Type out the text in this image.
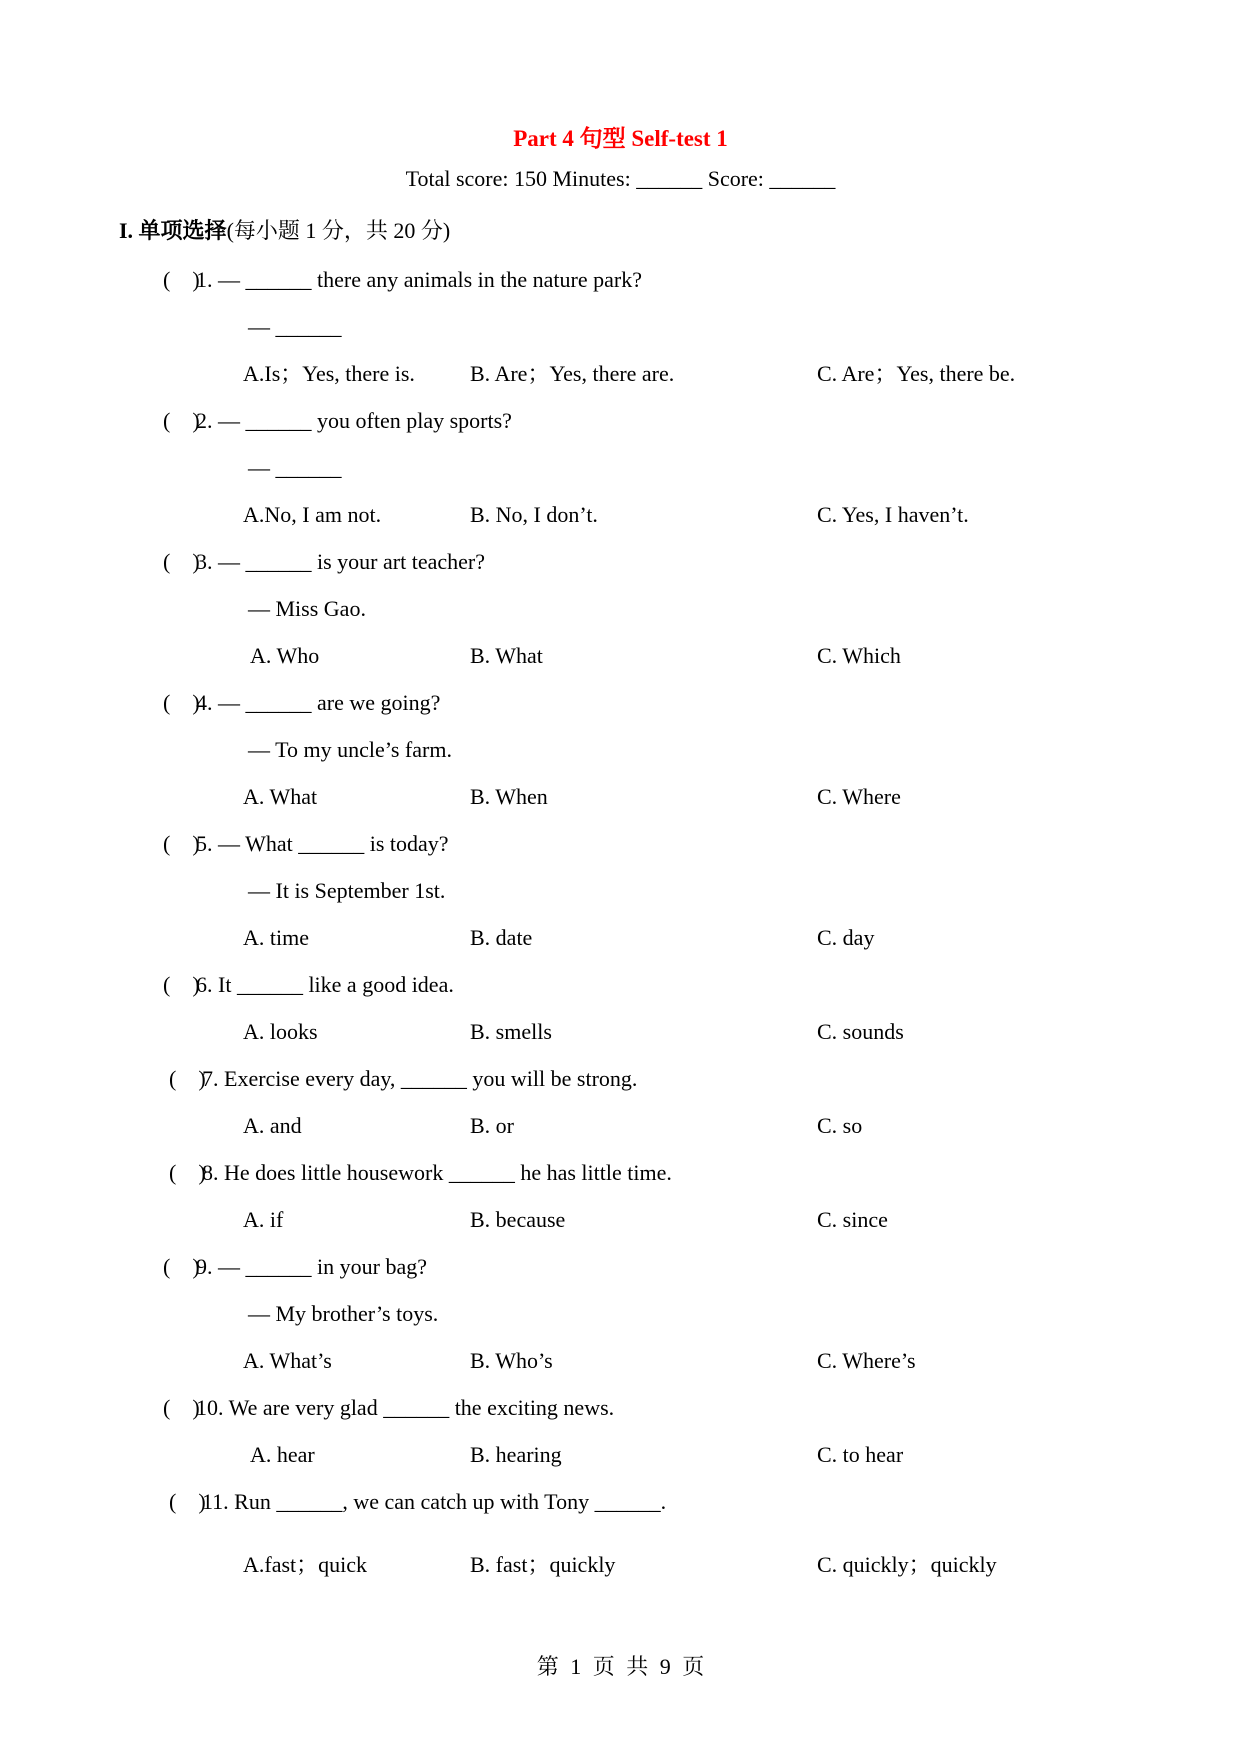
Part 4 句型 Self-test 1
Total score: 150 Minutes: ______ Score: ______
I. 单项选择(每小题 1 分，共 20 分)
(    )
1. — ______ there any animals in the nature park?
— ______
A.Is；Yes, there is.	B. Are；Yes, there are.	C. Are；Yes, there be.
(    )
2. — ______ you often play sports?
— ______
A.No, I am not.	B. No, I don’t.	C. Yes, I haven’t.
(    )
3. — ______ is your art teacher?
— Miss Gao.
A. Who	B. What	C. Which
(    )
4. — ______ are we going?
— To my uncle’s farm.
A. What	B. When	C. Where
(    )
5. — What ______ is today?
— It is September 1st.
A. time	B. date	C. day
(    )
6. It ______ like a good idea.
A. looks	B. smells	C. sounds
(    )
7. Exercise every day, ______ you will be strong.
A. and	B. or	C. so
(    )
8. He does little housework ______ he has little time.
A. if	B. because	C. since
(    )
9. — ______ in your bag?
— My brother’s toys.
A. What’s	B. Who’s	C. Where’s
(    )
10. We are very glad ______ the exciting news.
A. hear	B. hearing	C. to hear
(    )
11. Run ______, we can catch up with Tony ______.
A.fast；quick	B. fast；quickly	C. quickly；quickly
第 1 页 共 9 页
